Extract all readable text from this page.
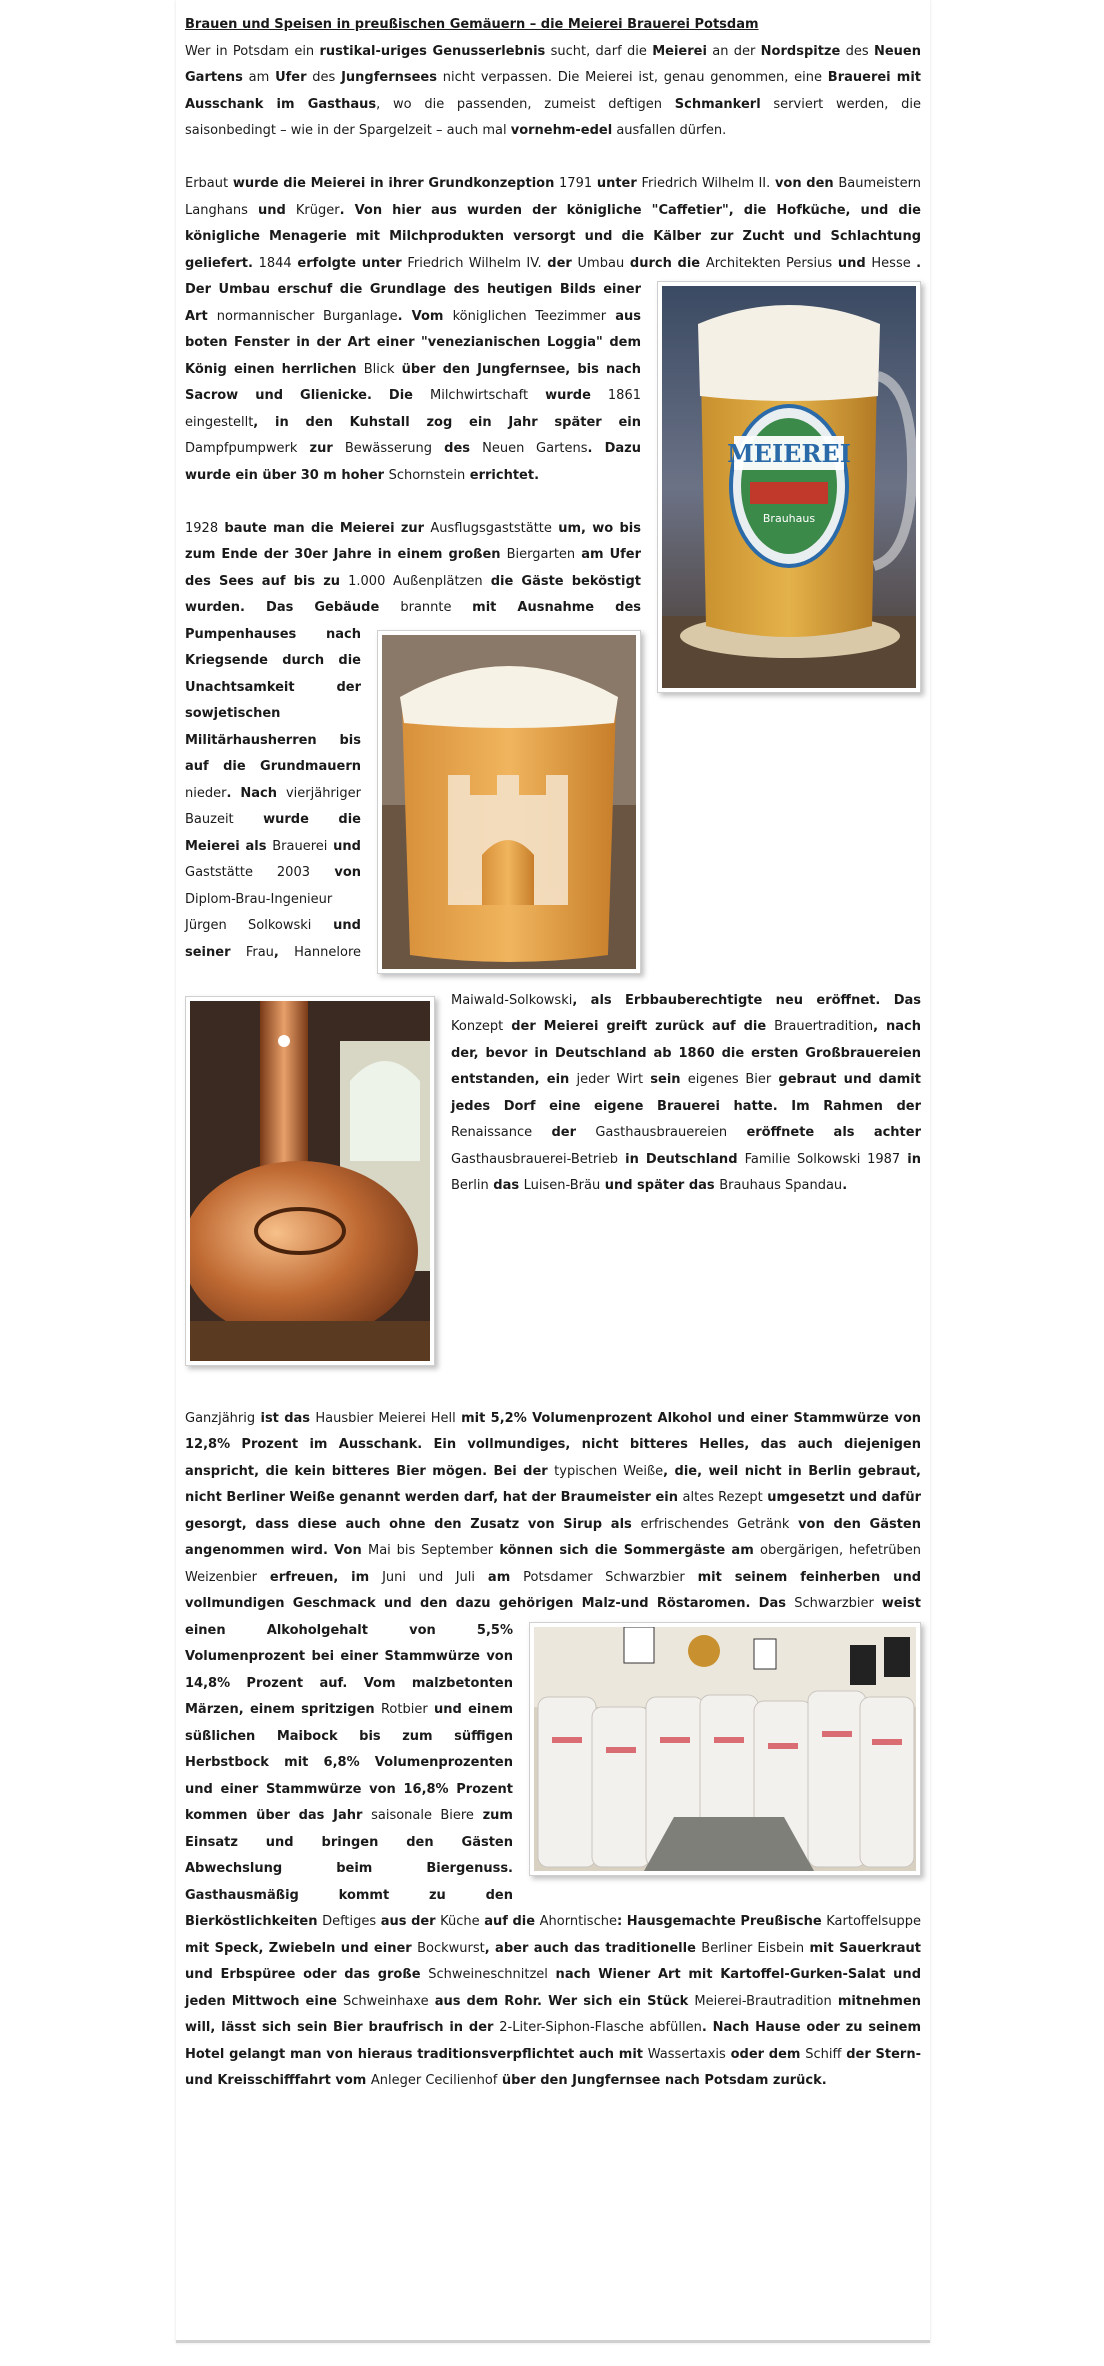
Brauen und Speisen in preußischen Gemäuern – die Meierei Brauerei Potsdam

Wer in Potsdam ein rustikal-uriges Genusserlebnis sucht, darf die Meierei an der Nordspitze des Neuen Gartens am Ufer des Jungfernsees nicht verpassen. Die Meierei ist, genau genommen, eine Brauerei mit Ausschank im Gasthaus, wo die passenden, zumeist deftigen Schmankerl serviert werden, die saisonbedingt – wie in der Spargelzeit – auch mal vornehm-edel ausfallen dürfen.

Erbaut wurde die Meierei in ihrer Grundkonzeption 1791 unter Friedrich Wilhelm II. von den Baumeistern Langhans und Krüger. Von hier aus wurden der königliche "Caffetier", die Hofküche, und die königliche Menagerie mit Milchprodukten versorgt und die Kälber zur Zucht und Schlachtung geliefert. 1844 erfolgte unter Friedrich Wilhelm IV. der Umbau durch die Architekten Persius und Hesse
MEIEREI
Brauhaus
. Der Umbau erschuf die Grundlage des heutigen Bilds einer Art normannischer Burganlage. Vom königlichen Teezimmer aus boten Fenster in der Art einer "venezianischen Loggia" dem König einen herrlichen Blick über den Jungfernsee, bis nach Sacrow und Glienicke. Die Milchwirtschaft wurde 1861 eingestellt, in den Kuhstall zog ein Jahr später ein Dampfpumpwerk zur Bewässerung des Neuen Gartens. Dazu wurde ein über 30 m hoher Schornstein errichtet.

1928 baute man die Meierei zur Ausflugsgaststätte um, wo bis zum Ende der 30er Jahre in einem großen Biergarten am Ufer des Sees auf bis zu 1.000 Außenplätzen die Gäste beköstigt wurden. Das Gebäude brannte
mit Ausnahme des Pumpenhauses nach Kriegsende durch die Unachtsamkeit der sowjetischen Militärhausherren bis auf die Grundmauern nieder. Nach vierjähriger Bauzeit wurde die Meierei als Brauerei und Gaststätte 2003 von Diplom-Brau-Ingenieur Jürgen Solkowski und seiner Frau, Hannelore Maiwald-Solkowski, als Erbbauberechtigte neu eröffnet. Das Konzept der Meierei greift zurück auf die Brauertradition, nach der, bevor in Deutschland ab 1860 die ersten Großbrauereien entstanden, ein jeder Wirt sein eigenes Bier gebraut und damit jedes Dorf eine eigene Brauerei hatte. Im Rahmen der Renaissance der Gasthausbrauereien eröffnete als achter Gasthausbrauerei-Betrieb in Deutschland Familie Solkowski 1987 in Berlin das Luisen-Bräu und später das Brauhaus Spandau.

Ganzjährig ist das Hausbier Meierei Hell mit 5,2% Volumenprozent Alkohol und einer Stammwürze von 12,8% Prozent im Ausschank. Ein vollmundiges, nicht bitteres Helles, das auch diejenigen anspricht, die kein bitteres Bier mögen. Bei der typischen Weiße, die, weil nicht in Berlin gebraut, nicht Berliner Weiße genannt werden darf, hat der Braumeister ein altes Rezept umgesetzt und dafür gesorgt, dass diese auch ohne den Zusatz von Sirup als erfrischendes Getränk von den Gästen angenommen wird. Von Mai bis September können sich die Sommergäste am obergärigen, hefetrüben Weizenbier erfreuen, im Juni und Juli am Potsdamer Schwarzbier mit seinem feinherben und vollmundigen Geschmack und den dazu gehörigen Malz-und Röstaromen. Das Schwarzbier
weist einen Alkoholgehalt von 5,5% Volumenprozent bei einer Stammwürze von 14,8% Prozent auf. Vom malzbetonten Märzen, einem spritzigen Rotbier und einem süßlichen Maibock bis zum süffigen Herbstbock mit 6,8% Volumenprozenten und einer Stammwürze von 16,8% Prozent kommen über das Jahr saisonale Biere zum Einsatz und bringen den Gästen Abwechslung beim Biergenuss. Gasthausmäßig kommt zu den Bierköstlichkeiten Deftiges aus der Küche auf die Ahorntische: Hausgemachte Preußische Kartoffelsuppe mit Speck, Zwiebeln und einer Bockwurst, aber auch das traditionelle Berliner Eisbein mit Sauerkraut und Erbspüree oder das große Schweineschnitzel nach Wiener Art mit Kartoffel-Gurken-Salat und jeden Mittwoch eine Schweinhaxe aus dem Rohr. Wer sich ein Stück Meierei-Brautradition mitnehmen will, lässt sich sein Bier braufrisch in der 2-Liter-Siphon-Flasche abfüllen. Nach Hause oder zu seinem Hotel gelangt man von hieraus traditionsverpflichtet auch mit Wassertaxis oder dem Schiff der Stern- und Kreisschifffahrt vom Anleger Cecilienhof über den Jungfernsee nach Potsdam zurück.
